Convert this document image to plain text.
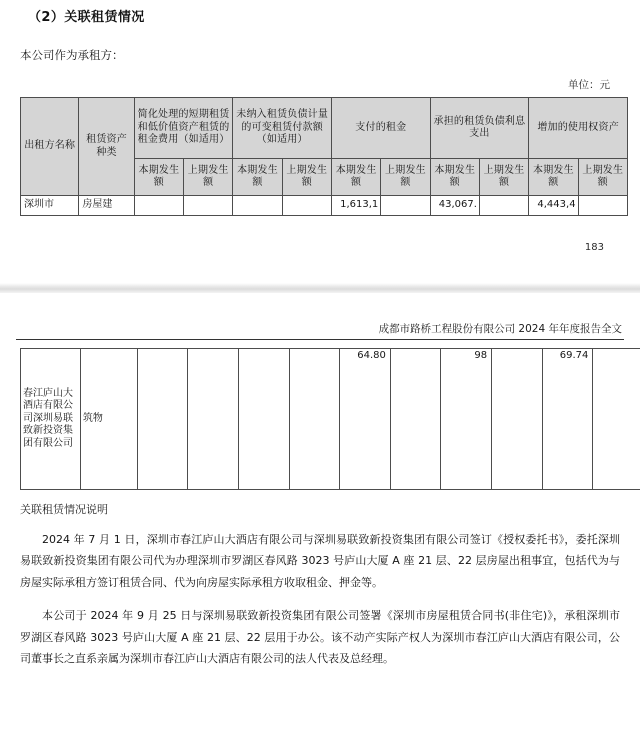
（2）关联租赁情况
本公司作为承租方：
单位：元
出租方名称	租赁资产种类	简化处理的短期租赁和低价值资产租赁的租金费用（如适用）		未纳入租赁负债计量的可变租赁付款额（如适用）		支付的租金		承担的租赁负债利息支出		增加的使用权资产	
		本期发生额	上期发生额	本期发生额	上期发生额	本期发生额	上期发生额	本期发生额	上期发生额	本期发生额	上期发生额
深圳市	房屋建					1,613,1		43,067.		4,443,4	
183
成都市路桥工程股份有限公司 2024 年年度报告全文
春江庐山大酒店有限公司深圳易联致新投资集团有限公司	筑物					64.80		98		69.74	
关联租赁情况说明

2024 年 7 月 1 日，深圳市春江庐山大酒店有限公司与深圳易联致新投资集团有限公司签订《授权委托书》，委托深圳易联致新投资集团有限公司代为办理深圳市罗湖区春风路 3023 号庐山大厦 A 座 21 层、22 层房屋出租事宜，包括代为与房屋实际承租方签订租赁合同、代为向房屋实际承租方收取租金、押金等。

本公司于 2024 年 9 月 25 日与深圳易联致新投资集团有限公司签署《深圳市房屋租赁合同书(非住宅)》，承租深圳市罗湖区春风路 3023 号庐山大厦 A 座 21 层、22 层用于办公。该不动产实际产权人为深圳市春江庐山大酒店有限公司，公司董事长之直系亲属为深圳市春江庐山大酒店有限公司的法人代表及总经理。
